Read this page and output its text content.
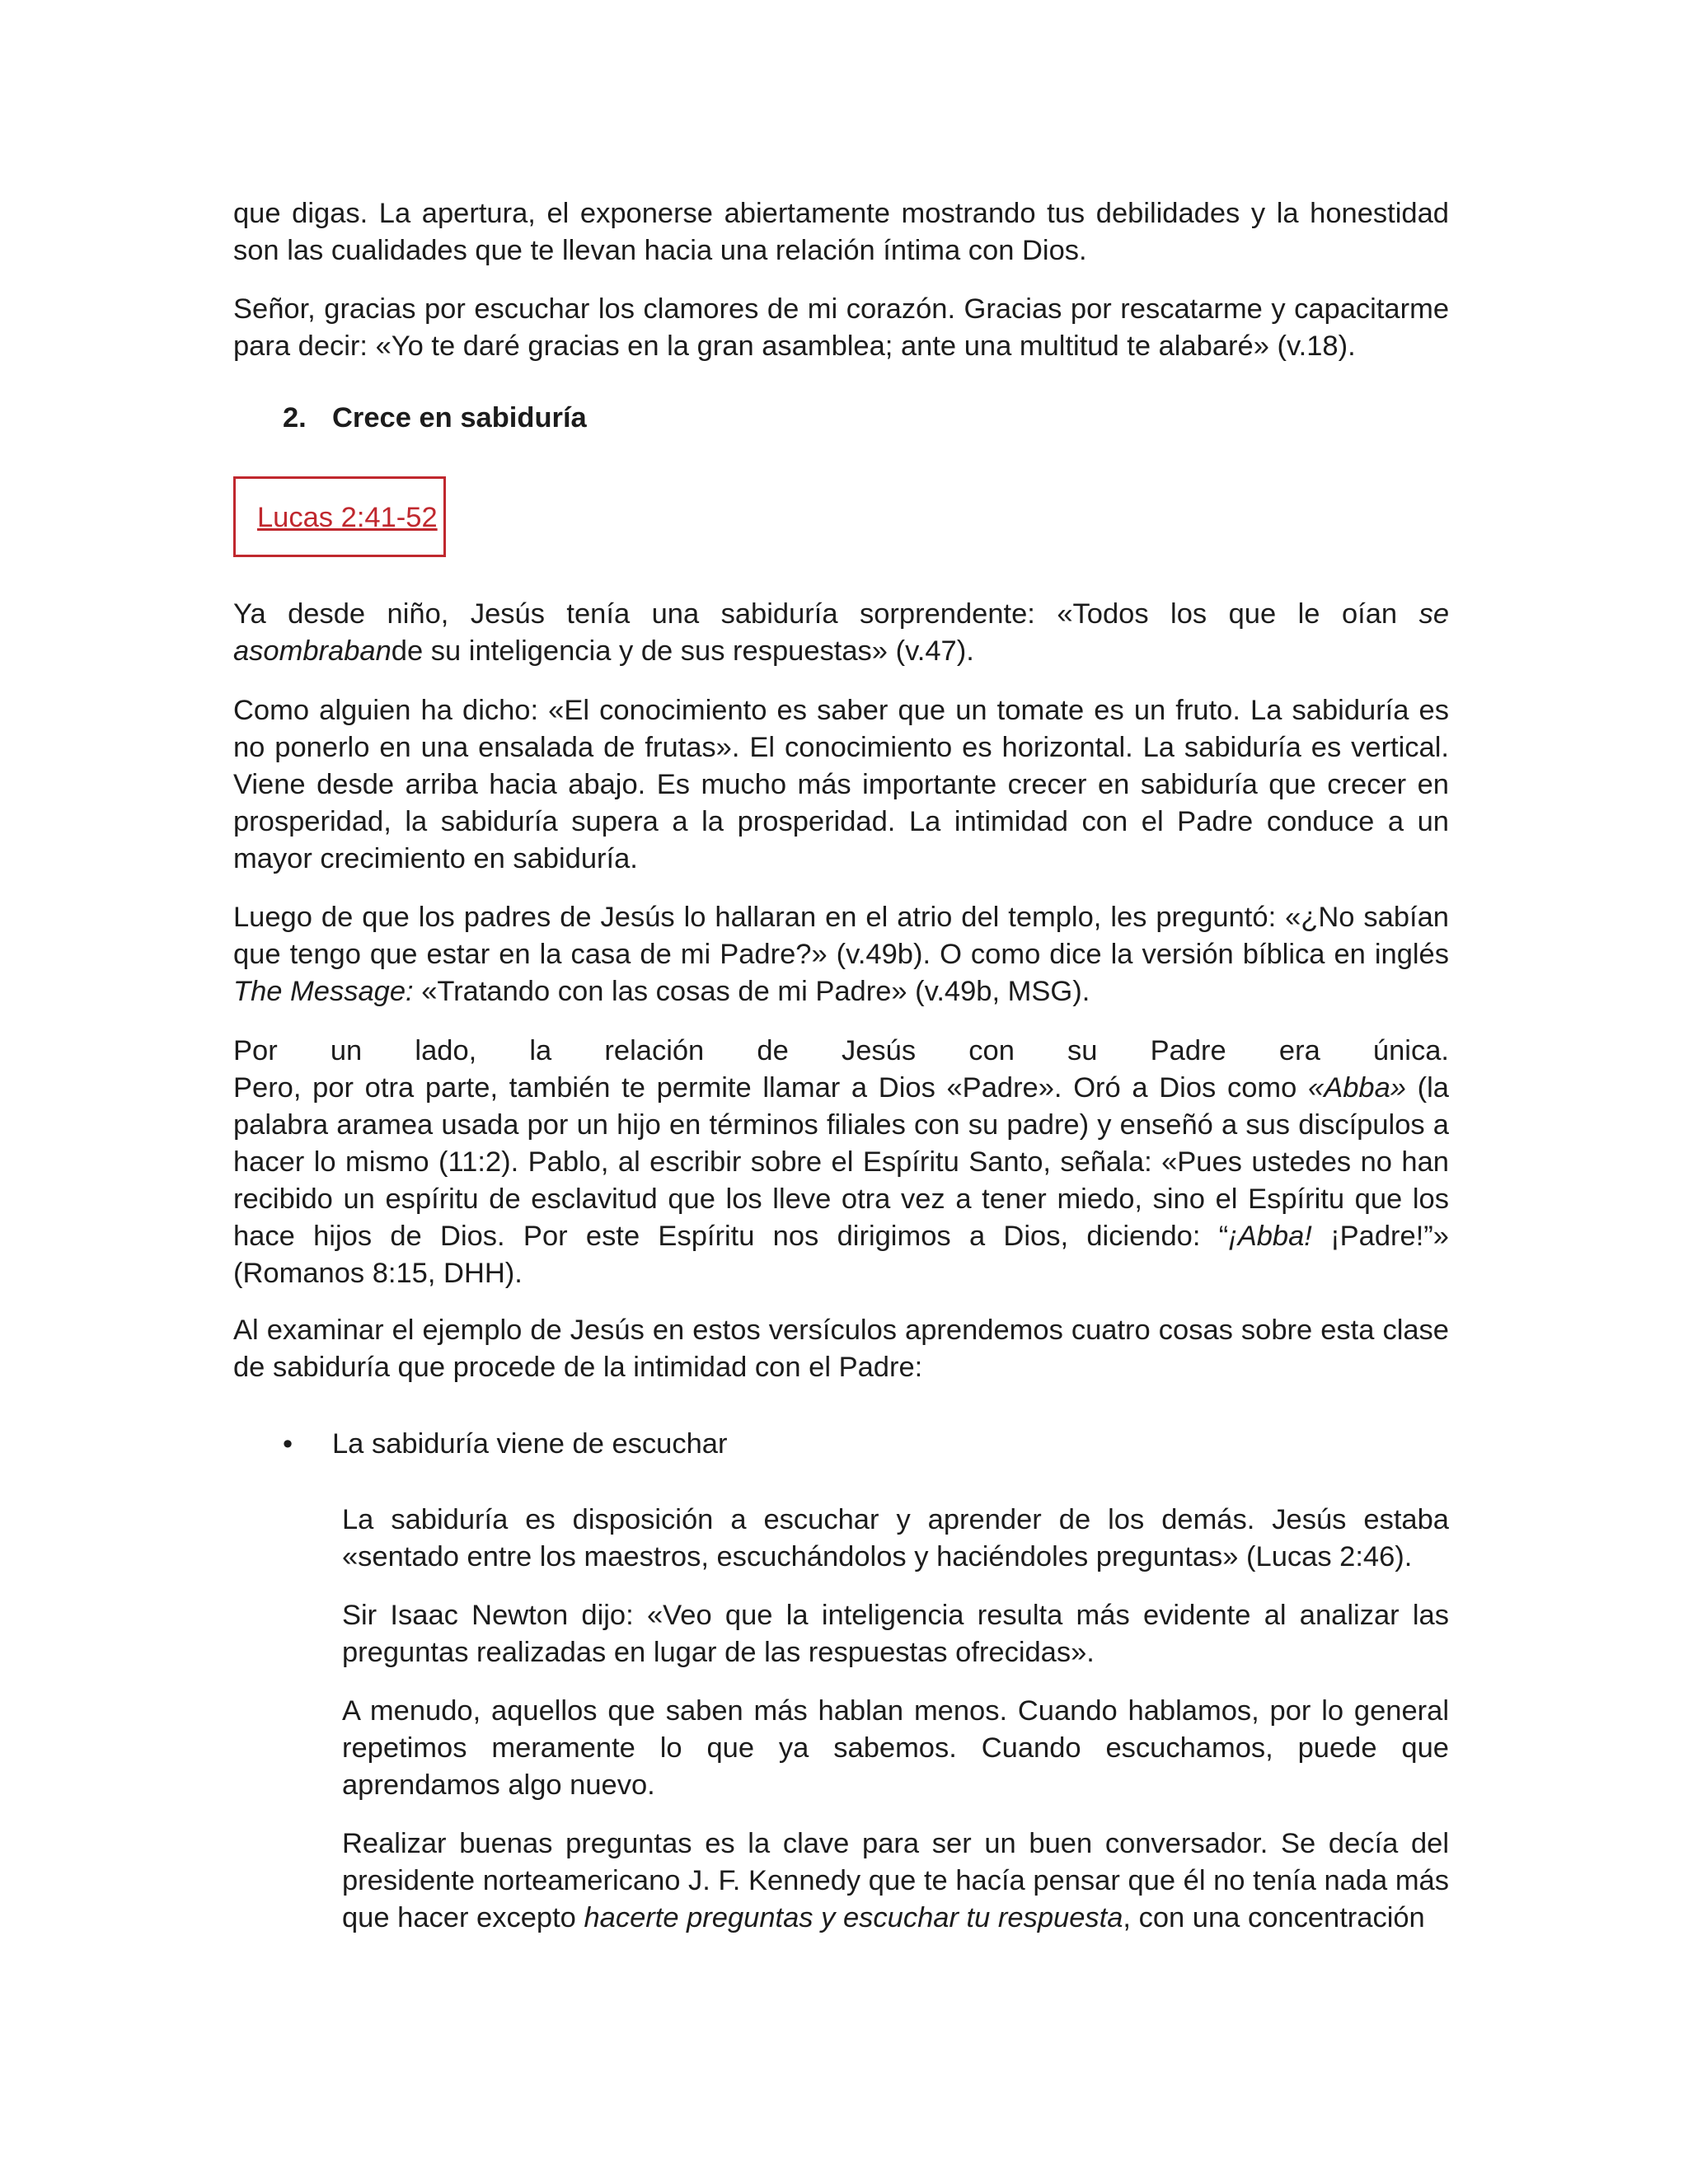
que digas. La apertura, el exponerse abiertamente mostrando tus debilidades y la honestidad son las cualidades que te llevan hacia una relación íntima con Dios.

Señor, gracias por escuchar los clamores de mi corazón. Gracias por rescatarme y capacitarme para decir: «Yo te daré gracias en la gran asamblea; ante una multitud te alabaré» (v.18).

2. Crece en sabiduría

Lucas 2:41-52

Ya desde niño, Jesús tenía una sabiduría sorprendente: «Todos los que le oían se asombrabande su inteligencia y de sus respuestas» (v.47).

Como alguien ha dicho: «El conocimiento es saber que un tomate es un fruto. La sabiduría es no ponerlo en una ensalada de frutas». El conocimiento es horizontal. La sabiduría es vertical. Viene desde arriba hacia abajo. Es mucho más importante crecer en sabiduría que crecer en prosperidad, la sabiduría supera a la prosperidad. La intimidad con el Padre conduce a un mayor crecimiento en sabiduría.

Luego de que los padres de Jesús lo hallaran en el atrio del templo, les preguntó: «¿No sabían que tengo que estar en la casa de mi Padre?» (v.49b). O como dice la versión bíblica en inglés The Message: «Tratando con las cosas de mi Padre» (v.49b, MSG).

Por un lado, la relación de Jesús con su Padre era única.

Pero, por otra parte, también te permite llamar a Dios «Padre». Oró a Dios como «Abba» (la palabra aramea usada por un hijo en términos filiales con su padre) y enseñó a sus discípulos a hacer lo mismo (11:2). Pablo, al escribir sobre el Espíritu Santo, señala: «Pues ustedes no han recibido un espíritu de esclavitud que los lleve otra vez a tener miedo, sino el Espíritu que los hace hijos de Dios. Por este Espíritu nos dirigimos a Dios, diciendo: “¡Abba! ¡Padre!”» (Romanos 8:15, DHH).

Al examinar el ejemplo de Jesús en estos versículos aprendemos cuatro cosas sobre esta clase de sabiduría que procede de la intimidad con el Padre:

• La sabiduría viene de escuchar

La sabiduría es disposición a escuchar y aprender de los demás. Jesús estaba «sentado entre los maestros, escuchándolos y haciéndoles preguntas» (Lucas 2:46).

Sir Isaac Newton dijo: «Veo que la inteligencia resulta más evidente al analizar las preguntas realizadas en lugar de las respuestas ofrecidas».

A menudo, aquellos que saben más hablan menos. Cuando hablamos, por lo general repetimos meramente lo que ya sabemos. Cuando escuchamos, puede que aprendamos algo nuevo.

Realizar buenas preguntas es la clave para ser un buen conversador. Se decía del presidente norteamericano J. F. Kennedy que te hacía pensar que él no tenía nada más que hacer excepto hacerte preguntas y escuchar tu respuesta, con una concentración
